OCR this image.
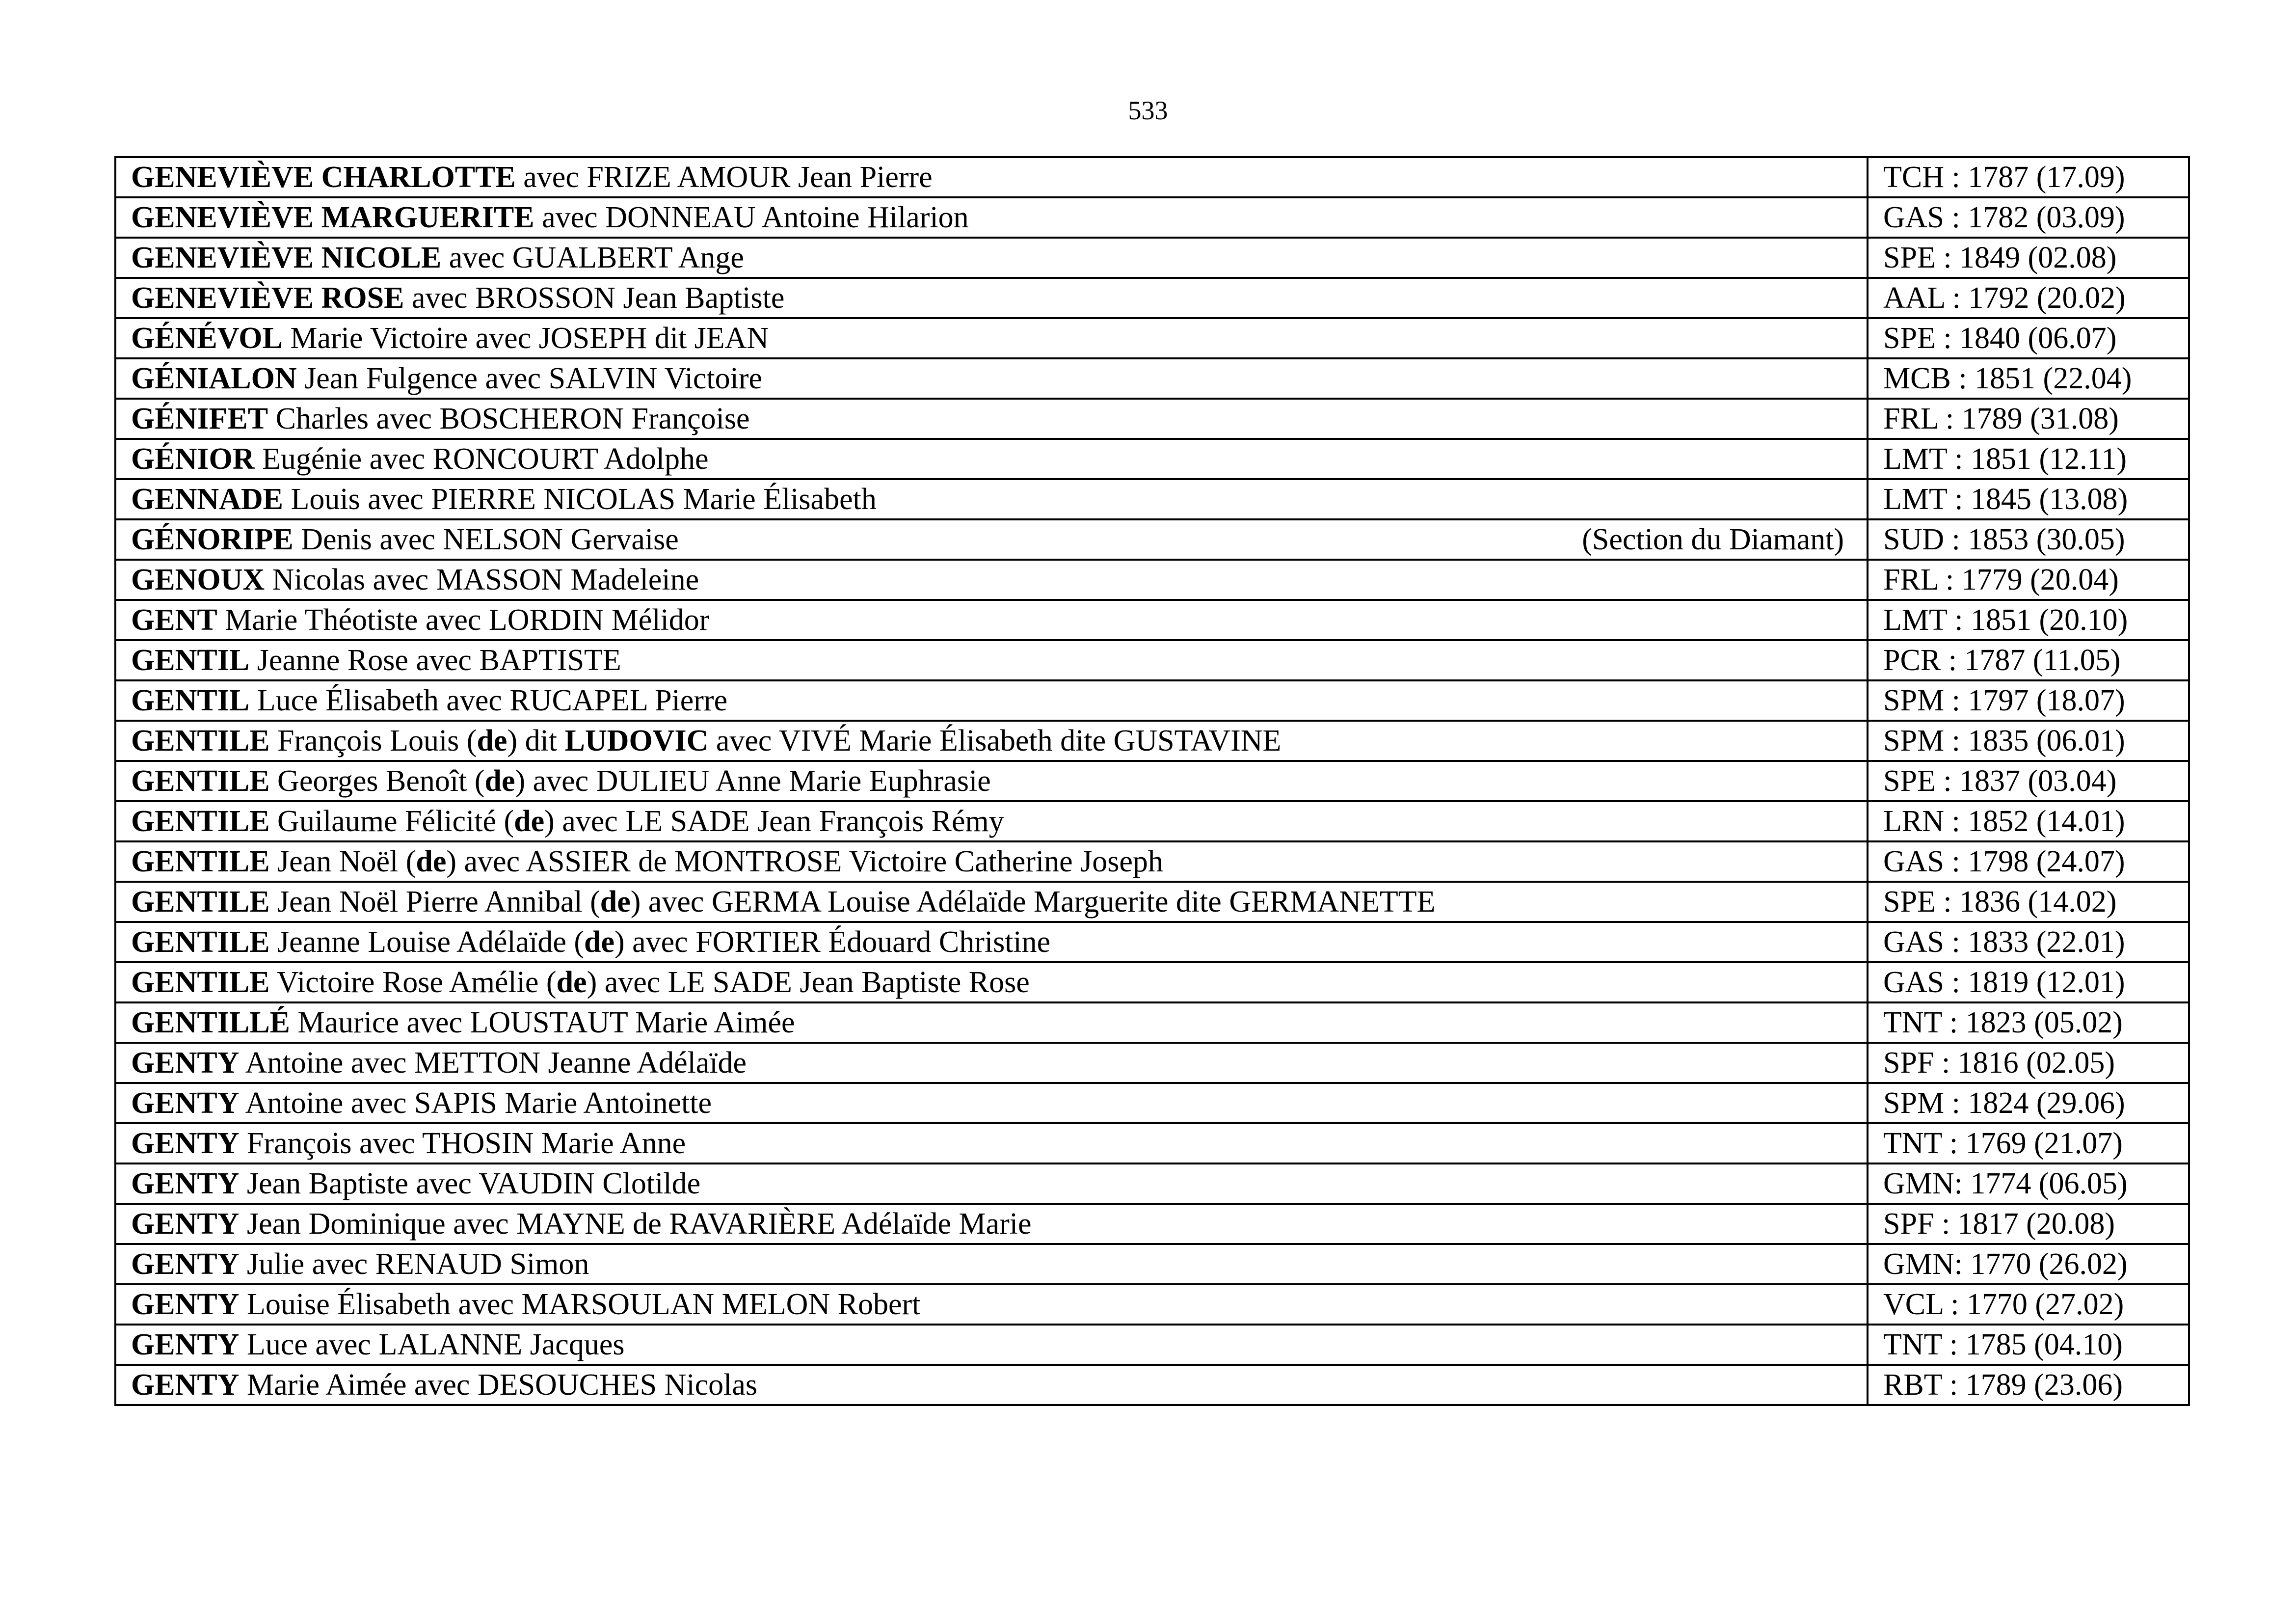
533
GENEVIÈVE CHARLOTTE avec FRIZE AMOUR Jean Pierre	TCH : 1787 (17.09)
GENEVIÈVE MARGUERITE avec DONNEAU Antoine Hilarion	GAS : 1782 (03.09)
GENEVIÈVE NICOLE avec GUALBERT Ange	SPE : 1849 (02.08)
GENEVIÈVE ROSE avec BROSSON Jean Baptiste	AAL : 1792 (20.02)
GÉNÉVOL Marie Victoire avec JOSEPH dit JEAN	SPE : 1840 (06.07)
GÉNIALON Jean Fulgence avec SALVIN Victoire	MCB : 1851 (22.04)
GÉNIFET Charles avec BOSCHERON Françoise	FRL : 1789 (31.08)
GÉNIOR Eugénie avec RONCOURT Adolphe	LMT : 1851 (12.11)
GENNADE Louis avec PIERRE NICOLAS Marie Élisabeth	LMT : 1845 (13.08)
GÉNORIPE Denis avec NELSON Gervaise (Section du Diamant)	SUD : 1853 (30.05)
GENOUX Nicolas avec MASSON Madeleine	FRL : 1779 (20.04)
GENT Marie Théotiste avec LORDIN Mélidor	LMT : 1851 (20.10)
GENTIL Jeanne Rose avec BAPTISTE	PCR : 1787 (11.05)
GENTIL Luce Élisabeth avec RUCAPEL Pierre	SPM : 1797 (18.07)
GENTILE François Louis (de) dit LUDOVIC avec VIVÉ Marie Élisabeth dite GUSTAVINE	SPM : 1835 (06.01)
GENTILE Georges Benoît (de) avec DULIEU Anne Marie Euphrasie	SPE : 1837 (03.04)
GENTILE Guilaume Félicité (de) avec LE SADE Jean François Rémy	LRN : 1852 (14.01)
GENTILE Jean Noël (de) avec ASSIER de MONTROSE Victoire Catherine Joseph	GAS : 1798 (24.07)
GENTILE Jean Noël Pierre Annibal (de) avec GERMA Louise Adélaïde Marguerite dite GERMANETTE	SPE : 1836 (14.02)
GENTILE Jeanne Louise Adélaïde (de) avec FORTIER Édouard Christine	GAS : 1833 (22.01)
GENTILE Victoire Rose Amélie (de) avec LE SADE Jean Baptiste Rose	GAS : 1819 (12.01)
GENTILLÉ Maurice avec LOUSTAUT Marie Aimée	TNT : 1823 (05.02)
GENTY Antoine avec METTON Jeanne Adélaïde	SPF : 1816 (02.05)
GENTY Antoine avec SAPIS Marie Antoinette	SPM : 1824 (29.06)
GENTY François avec THOSIN Marie Anne	TNT : 1769 (21.07)
GENTY Jean Baptiste avec VAUDIN Clotilde	GMN: 1774 (06.05)
GENTY Jean Dominique avec MAYNE de RAVARIÈRE Adélaïde Marie	SPF : 1817 (20.08)
GENTY Julie avec RENAUD Simon	GMN: 1770 (26.02)
GENTY Louise Élisabeth avec MARSOULAN MELON Robert	VCL : 1770 (27.02)
GENTY Luce avec LALANNE Jacques	TNT : 1785 (04.10)
GENTY Marie Aimée avec DESOUCHES Nicolas	RBT : 1789 (23.06)
